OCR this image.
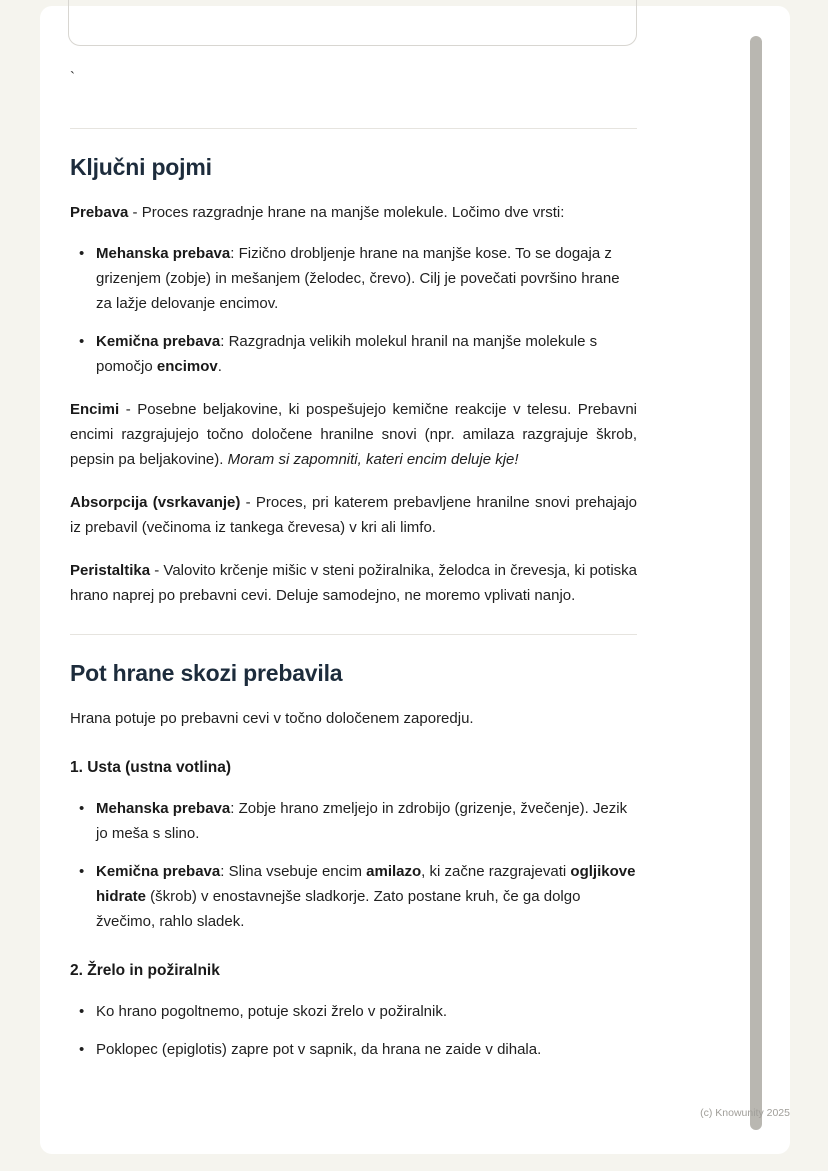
`

Ključni pojmi

Prebava - Proces razgradnje hrane na manjše molekule. Ločimo dve vrsti:

• Mehanska prebava: Fizično drobljenje hrane na manjše kose. To se dogaja z grizenjem (zobje) in mešanjem (želodec, črevo). Cilj je povečati površino hrane za lažje delovanje encimov.
• Kemična prebava: Razgradnja velikih molekul hranil na manjše molekule s pomočjo encimov.

Encimi - Posebne beljakovine, ki pospešujejo kemične reakcije v telesu. Prebavni encimi razgrajujejo točno določene hranilne snovi (npr. amilaza razgrajuje škrob, pepsin pa beljakovine). Moram si zapomniti, kateri encim deluje kje!

Absorpcija (vsrkavanje) - Proces, pri katerem prebavljene hranilne snovi prehajajo iz prebavil (večinoma iz tankega črevesa) v kri ali limfo.

Peristaltika - Valovito krčenje mišic v steni požiralnika, želodca in črevesja, ki potiska hrano naprej po prebavni cevi. Deluje samodejno, ne moremo vplivati nanjo.

Pot hrane skozi prebavila

Hrana potuje po prebavni cevi v točno določenem zaporedju.

1. Usta (ustna votlina)

• Mehanska prebava: Zobje hrano zmeljejo in zdrobijo (grizenje, žvečenje). Jezik jo meša s slino.
• Kemična prebava: Slina vsebuje encim amilazo, ki začne razgrajevati ogljikove hidrate (škrob) v enostavnejše sladkorje. Zato postane kruh, če ga dolgo žvečimo, rahlo sladek.

2. Žrelo in požiralnik

• Ko hrano pogoltnemo, potuje skozi žrelo v požiralnik.
• Poklopec (epiglotis) zapre pot v sapnik, da hrana ne zaide v dihala.
(c) Knowunity 2025
